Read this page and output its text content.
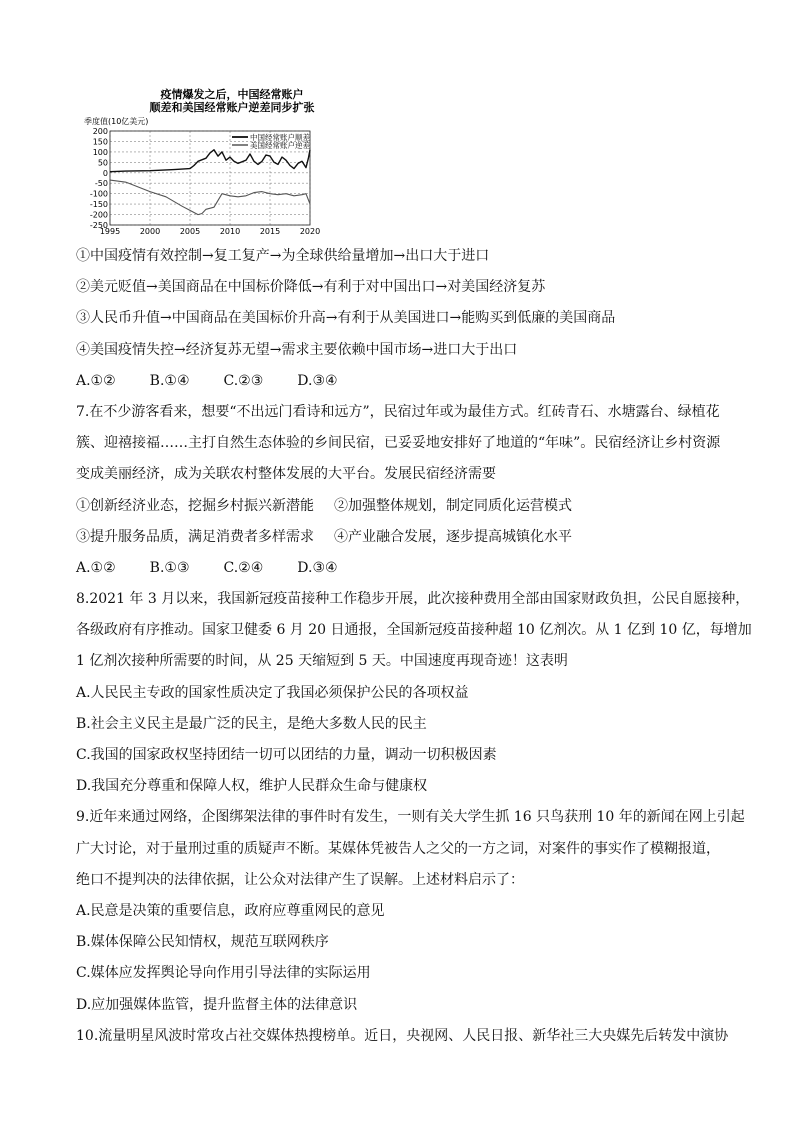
疫情爆发之后，中国经常账户
顺差和美国经常账户逆差同步扩张
季度值(10亿美元)
200
150
100
50
0
-50
-100
-150
-200
-250
1995 2000 2005 2010 2015 2020
中国经常账户顺差
美国经常账户逆差
①中国疫情有效控制→复工复产→为全球供给量增加→出口大于进口
②美元贬值→美国商品在中国标价降低→有利于对中国出口→对美国经济复苏
③人民币升值→中国商品在美国标价升高→有利于从美国进口→能购买到低廉的美国商品
④美国疫情失控→经济复苏无望→需求主要依赖中国市场→进口大于出口
A.①② B.①④ C.②③ D.③④
7.在不少游客看来，想要“不出远门看诗和远方”，民宿过年或为最佳方式。红砖青石、水塘露台、绿植花
簇、迎禧接福……主打自然生态体验的乡间民宿，已妥妥地安排好了地道的“年味”。民宿经济让乡村资源
变成美丽经济，成为关联农村整体发展的大平台。发展民宿经济需要
①创新经济业态，挖掘乡村振兴新潜能 ②加强整体规划，制定同质化运营模式
③提升服务品质，满足消费者多样需求 ④产业融合发展，逐步提高城镇化水平
A.①② B.①③ C.②④ D.③④
8.2021 年 3 月以来，我国新冠疫苗接种工作稳步开展，此次接种费用全部由国家财政负担，公民自愿接种，
各级政府有序推动。国家卫健委 6 月 20 日通报，全国新冠疫苗接种超 10 亿剂次。从 1 亿到 10 亿，每增加
1 亿剂次接种所需要的时间，从 25 天缩短到 5 天。中国速度再现奇迹！这表明
A.人民民主专政的国家性质决定了我国必须保护公民的各项权益
B.社会主义民主是最广泛的民主，是绝大多数人民的民主
C.我国的国家政权坚持团结一切可以团结的力量，调动一切积极因素
D.我国充分尊重和保障人权，维护人民群众生命与健康权
9.近年来通过网络，企图绑架法律的事件时有发生，一则有关大学生抓 16 只鸟获刑 10 年的新闻在网上引起
广大讨论，对于量刑过重的质疑声不断。某媒体凭被告人之父的一方之词，对案件的事实作了模糊报道，
绝口不提判决的法律依据，让公众对法律产生了误解。上述材料启示了：
A.民意是决策的重要信息，政府应尊重网民的意见
B.媒体保障公民知情权，规范互联网秩序
C.媒体应发挥舆论导向作用引导法律的实际运用
D.应加强媒体监管，提升监督主体的法律意识
10.流量明星风波时常攻占社交媒体热搜榜单。近日，央视网、人民日报、新华社三大央媒先后转发中演协
